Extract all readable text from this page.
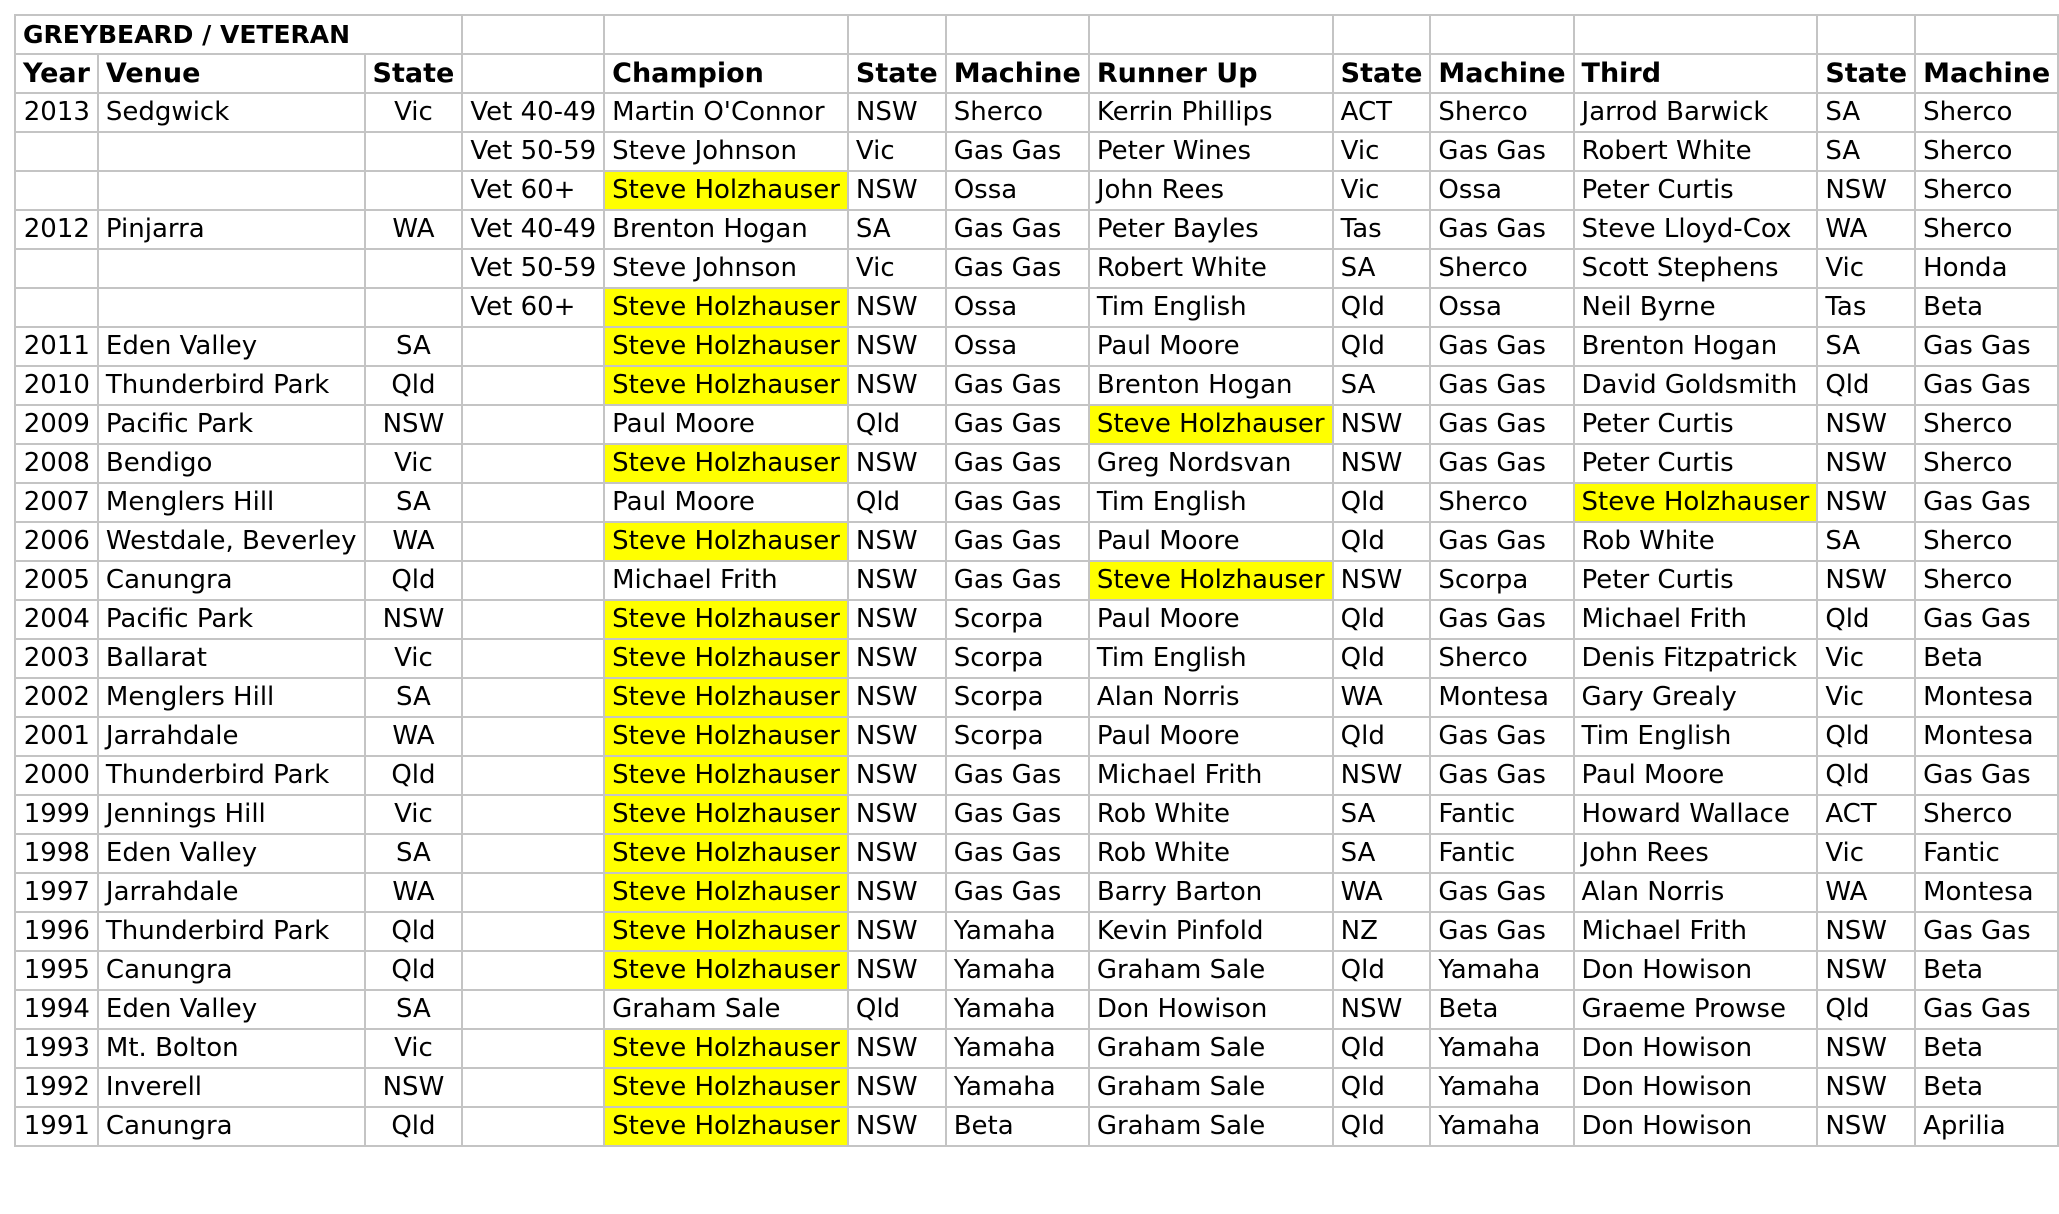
GREYBEARD / VETERAN												
Year	Venue	State		Champion	State	Machine	Runner Up	State	Machine	Third	State	Machine
2013	Sedgwick	Vic	Vet 40-49	Martin O'Connor	NSW	Sherco	Kerrin Phillips	ACT	Sherco	Jarrod Barwick	SA	Sherco
			Vet 50-59	Steve Johnson	Vic	Gas Gas	Peter Wines	Vic	Gas Gas	Robert White	SA	Sherco
			Vet 60+	Steve Holzhauser	NSW	Ossa	John Rees	Vic	Ossa	Peter Curtis	NSW	Sherco
2012	Pinjarra	WA	Vet 40-49	Brenton Hogan	SA	Gas Gas	Peter Bayles	Tas	Gas Gas	Steve Lloyd-Cox	WA	Sherco
			Vet 50-59	Steve Johnson	Vic	Gas Gas	Robert White	SA	Sherco	Scott Stephens	Vic	Honda
			Vet 60+	Steve Holzhauser	NSW	Ossa	Tim English	Qld	Ossa	Neil Byrne	Tas	Beta
2011	Eden Valley	SA		Steve Holzhauser	NSW	Ossa	Paul Moore	Qld	Gas Gas	Brenton Hogan	SA	Gas Gas
2010	Thunderbird Park	Qld		Steve Holzhauser	NSW	Gas Gas	Brenton Hogan	SA	Gas Gas	David Goldsmith	Qld	Gas Gas
2009	Pacific Park	NSW		Paul Moore	Qld	Gas Gas	Steve Holzhauser	NSW	Gas Gas	Peter Curtis	NSW	Sherco
2008	Bendigo	Vic		Steve Holzhauser	NSW	Gas Gas	Greg Nordsvan	NSW	Gas Gas	Peter Curtis	NSW	Sherco
2007	Menglers Hill	SA		Paul Moore	Qld	Gas Gas	Tim English	Qld	Sherco	Steve Holzhauser	NSW	Gas Gas
2006	Westdale, Beverley	WA		Steve Holzhauser	NSW	Gas Gas	Paul Moore	Qld	Gas Gas	Rob White	SA	Sherco
2005	Canungra	Qld		Michael Frith	NSW	Gas Gas	Steve Holzhauser	NSW	Scorpa	Peter Curtis	NSW	Sherco
2004	Pacific Park	NSW		Steve Holzhauser	NSW	Scorpa	Paul Moore	Qld	Gas Gas	Michael Frith	Qld	Gas Gas
2003	Ballarat	Vic		Steve Holzhauser	NSW	Scorpa	Tim English	Qld	Sherco	Denis Fitzpatrick	Vic	Beta
2002	Menglers Hill	SA		Steve Holzhauser	NSW	Scorpa	Alan Norris	WA	Montesa	Gary Grealy	Vic	Montesa
2001	Jarrahdale	WA		Steve Holzhauser	NSW	Scorpa	Paul Moore	Qld	Gas Gas	Tim English	Qld	Montesa
2000	Thunderbird Park	Qld		Steve Holzhauser	NSW	Gas Gas	Michael Frith	NSW	Gas Gas	Paul Moore	Qld	Gas Gas
1999	Jennings Hill	Vic		Steve Holzhauser	NSW	Gas Gas	Rob White	SA	Fantic	Howard Wallace	ACT	Sherco
1998	Eden Valley	SA		Steve Holzhauser	NSW	Gas Gas	Rob White	SA	Fantic	John Rees	Vic	Fantic
1997	Jarrahdale	WA		Steve Holzhauser	NSW	Gas Gas	Barry Barton	WA	Gas Gas	Alan Norris	WA	Montesa
1996	Thunderbird Park	Qld		Steve Holzhauser	NSW	Yamaha	Kevin Pinfold	NZ	Gas Gas	Michael Frith	NSW	Gas Gas
1995	Canungra	Qld		Steve Holzhauser	NSW	Yamaha	Graham Sale	Qld	Yamaha	Don Howison	NSW	Beta
1994	Eden Valley	SA		Graham Sale	Qld	Yamaha	Don Howison	NSW	Beta	Graeme Prowse	Qld	Gas Gas
1993	Mt. Bolton	Vic		Steve Holzhauser	NSW	Yamaha	Graham Sale	Qld	Yamaha	Don Howison	NSW	Beta
1992	Inverell	NSW		Steve Holzhauser	NSW	Yamaha	Graham Sale	Qld	Yamaha	Don Howison	NSW	Beta
1991	Canungra	Qld		Steve Holzhauser	NSW	Beta	Graham Sale	Qld	Yamaha	Don Howison	NSW	Aprilia
